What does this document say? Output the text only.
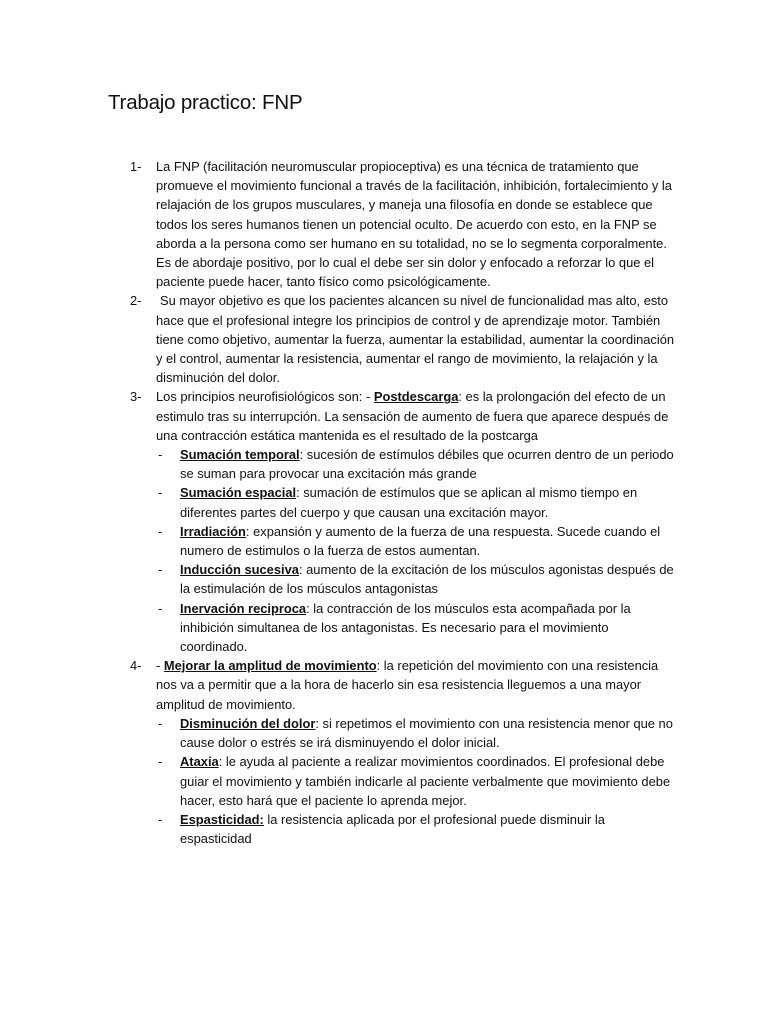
Trabajo practico: FNP
1- La FNP (facilitación neuromuscular propioceptiva) es una técnica de tratamiento que promueve el movimiento funcional a través de la facilitación, inhibición, fortalecimiento y la relajación de los grupos musculares, y maneja una filosofía en donde se establece que todos los seres humanos tienen un potencial oculto. De acuerdo con esto, en la FNP se aborda a la persona como ser humano en su totalidad, no se lo segmenta corporalmente. Es de abordaje positivo, por lo cual el debe ser sin dolor y enfocado a reforzar lo que el paciente puede hacer, tanto físico como psicológicamente.
2- Su mayor objetivo es que los pacientes alcancen su nivel de funcionalidad mas alto, esto hace que el profesional integre los principios de control y de aprendizaje motor. También tiene como objetivo, aumentar la fuerza, aumentar la estabilidad, aumentar la coordinación y el control, aumentar la resistencia, aumentar el rango de movimiento, la relajación y la disminución del dolor.
3- Los principios neurofisiológicos son: - Postdescarga: es la prolongación del efecto de un estimulo tras su interrupción. La sensación de aumento de fuera que aparece después de una contracción estática mantenida es el resultado de la postcarga
- Sumación temporal: sucesión de estímulos débiles que ocurren dentro de un periodo se suman para provocar una excitación más grande
- Sumación espacial: sumación de estímulos que se aplican al mismo tiempo en diferentes partes del cuerpo y que causan una excitación mayor.
- Irradiación: expansión y aumento de la fuerza de una respuesta. Sucede cuando el numero de estimulos o la fuerza de estos aumentan.
- Inducción sucesiva: aumento de la excitación de los músculos agonistas después de la estimulación de los músculos antagonistas
- Inervación reciproca: la contracción de los músculos esta acompañada por la inhibición simultanea de los antagonistas. Es necesario para el movimiento coordinado.
4- - Mejorar la amplitud de movimiento: la repetición del movimiento con una resistencia nos va a permitir que a la hora de hacerlo sin esa resistencia lleguemos a una mayor amplitud de movimiento.
- Disminución del dolor: si repetimos el movimiento con una resistencia menor que no cause dolor o estrés se irá disminuyendo el dolor inicial.
- Ataxia: le ayuda al paciente a realizar movimientos coordinados. El profesional debe guiar el movimiento y también indicarle al paciente verbalmente que movimiento debe hacer, esto hará que el paciente lo aprenda mejor.
- Espasticidad: la resistencia aplicada por el profesional puede disminuir la espasticidad
